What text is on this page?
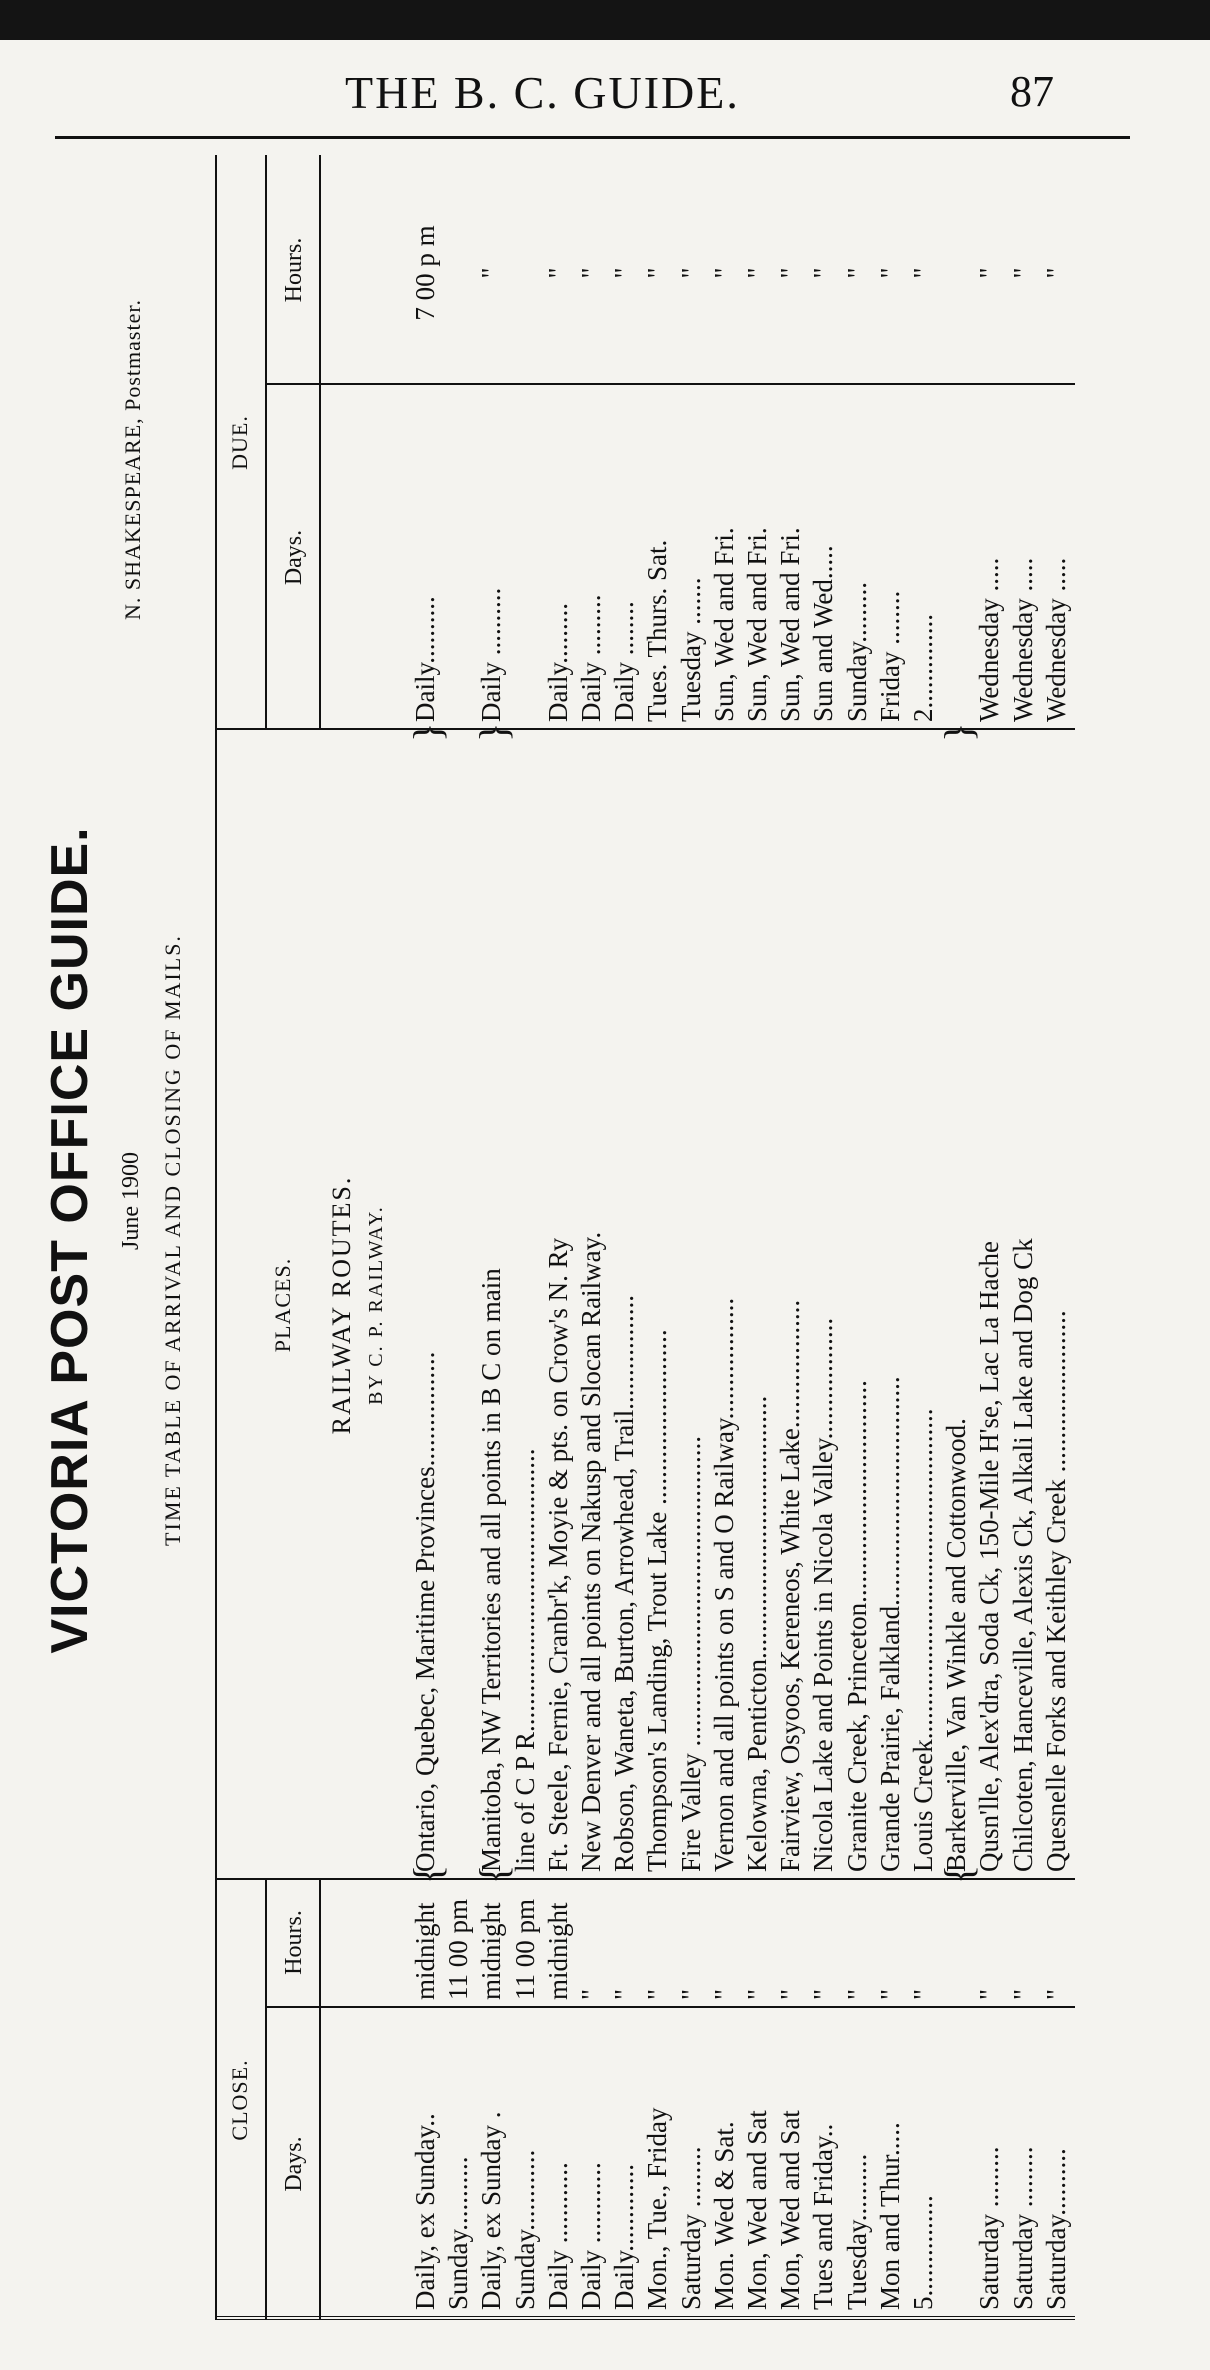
THE B. C. GUIDE.	87
VICTORIA POST OFFICE GUIDE. June 1900
N. SHAKESPEARE, Postmaster.
TIME TABLE OF ARRIVAL AND CLOSING OF MAILS.
CLOSE.
Days.
Hours.
PLACES.
DUE.
Days.
Hours.
RAILWAY ROUTES. BY C. P. RAILWAY.
Daily, ex Sunday..
midnight
Ontario, Quebec, Maritime Provinces.................
Daily..........
7 00 p m
Sunday...........
11 00 pm
Daily, ex Sunday .
midnight
Manitoba, NW Territories and all points in B C on main
Daily ..........
"
Sunday............
11 00 pm
line of C P R..........................................
Daily ............
midnight
Ft. Steele, Fernie, Cranbr'k, Moyie & pts. on Crow's N. Ry
Daily.........
"
Daily ............
"
New Denver and all points on Nakusp and Slocan Railway.
Daily .........
"
Daily.............
"
Robson, Waneta, Burton, Arrowhead, Trail.................
Daily ........
"
Mon., Tue., Friday
"
Thompson's Landing, Trout Lake ..........................
Tues. Thurs. Sat.
"
Saturday .........
"
Fire Valley ..............................................
Tuesday .......
"
Mon. Wed & Sat.
"
Vernon and all points on S and O Railway..................
Sun, Wed and Fri.
"
Mon, Wed and Sat
"
Kelowna, Penticton.......................................
Sun, Wed and Fri.
"
Mon, Wed and Sat
"
Fairview, Osyoos, Kereneos, White Lake...................
Sun, Wed and Fri.
"
Tues and Friday..
"
Nicola Lake and Points in Nicola Valley..................
Sun and Wed.....
"
Tuesday..........
"
Granite Creek, Princeton.................................
Sunday.........
"
Mon and Thur.....
"
Grande Prairie, Falkland..................................
Friday ........
"
5...............
"
Louis Creek.................................................
2..............
"
Barkerville, Van Winkle and Cottonwood.
Saturday .........
"
Qusn'lle, Alex'dra, Soda Ck, 150-Mile H'se, Lac La Hache
Wednesday .....
"
Saturday .........
"
Chilcoten, Hanceville, Alexis Ck, Alkali Lake and Dog Ck
Wednesday .....
"
Saturday..........
"
Quesnelle Forks and Keithley Creek ........................
Wednesday .....
"
{
}
{
}
{
}
